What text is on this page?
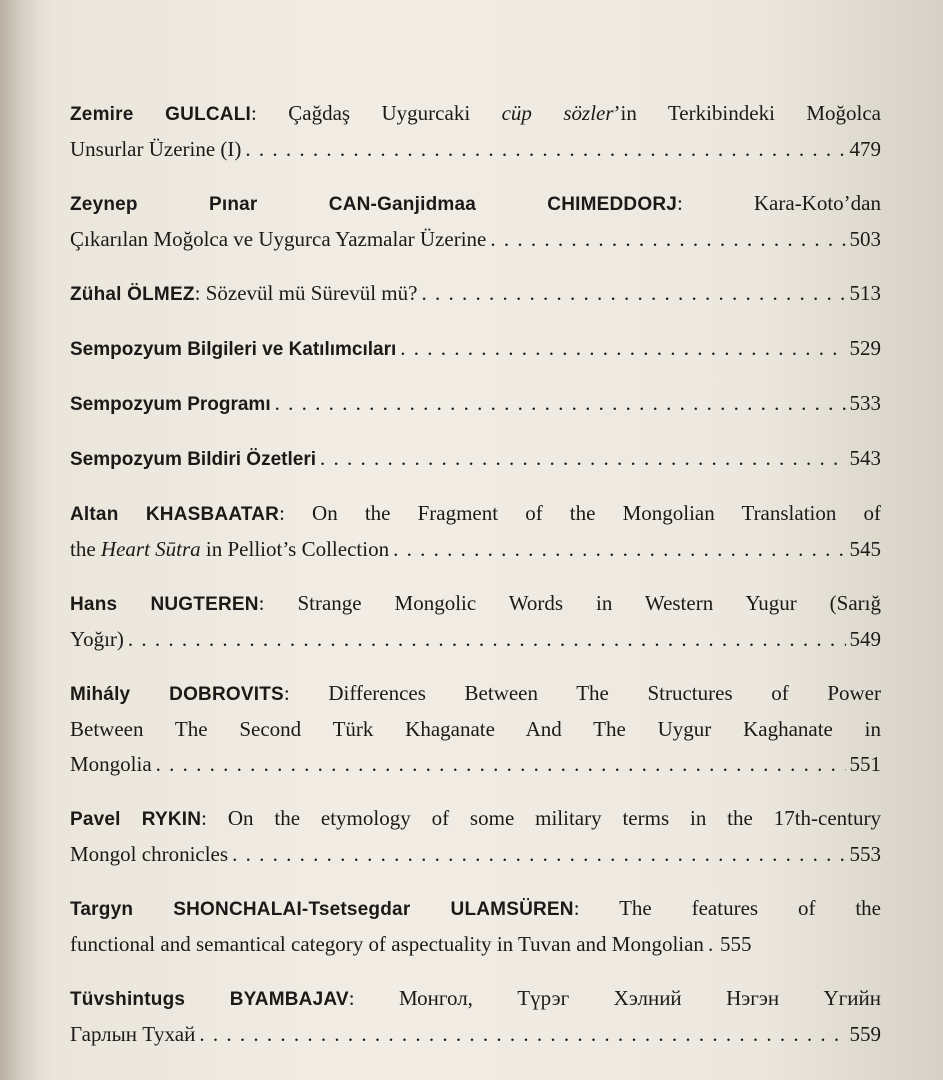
Zemire GULCALI: Çağdaş Uygurcaki cüp sözler’in Terkibindeki Moğolca
Unsurlar Üzerine (I) . . .	479
Zeynep Pınar CAN-Ganjidmaa CHIMEDDORJ: Kara-Koto’dan
Çıkarılan Moğolca ve Uygurca Yazmalar Üzerine . . .	503
Zühal ÖLMEZ: Sözevül mü Sürevül mü? . . .	513
Sempozyum Bilgileri ve Katılımcıları . . .	529
Sempozyum Programı . . .	533
Sempozyum Bildiri Özetleri . . .	543
Altan KHASBAATAR: On the Fragment of the Mongolian Translation of
the Heart Sūtra in Pelliot’s Collection . . .	545
Hans NUGTEREN: Strange Mongolic Words in Western Yugur (Sarığ
Yoğır) . . .	549
Mihály DOBROVITS: Differences Between The Structures of Power
Between The Second Türk Khaganate And The Uygur Kaghanate in
Mongolia . . .	551
Pavel RYKIN: On the etymology of some military terms in the 17th-century
Mongol chronicles . . .	553
Targyn SHONCHALAI-Tsetsegdar ULAMSÜREN: The features of the
functional and semantical category of aspectuality in Tuvan and Mongolian . . . 555
Tüvshintugs BYAMBAJAV: Монгол, Түрэг Хэлний Нэгэн Үгийн
Гарлын Тухай . . .	559
